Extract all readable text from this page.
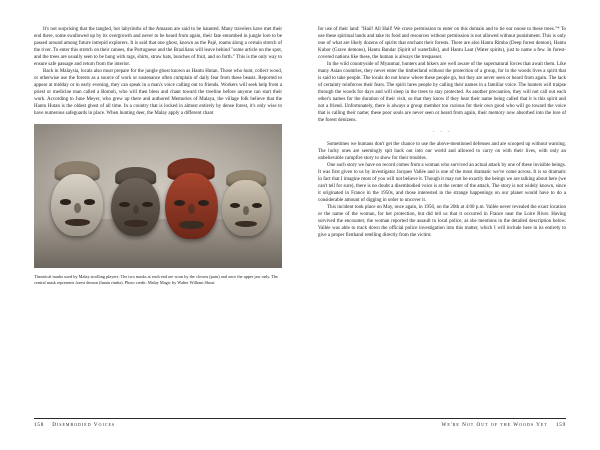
It's not surprising that the tangled, hot labyrinths of the Amazon are said to be haunted. Many travelers have met their end there, some swallowed up by its overgrowth and never to be heard from again, their fate entombed in jungle lore to be passed around among future intrepid explorers. It is said that one ghost, known as the Pajé, roams along a certain stretch of the river. To enter this stretch on their canoes, the Portuguese and the Brazilians will leave behind "some article on the spot, and the trees are usually seen to be hung with rags, shirts, straw hats, bunches of fruit, and so forth." This is the only way to ensure safe passage and return from the interior.

Back in Malaysia, locals also must prepare for the jungle ghost known as Hantu Hutan. Those who hunt, collect wood, or otherwise use the forests as a source of work or sustenance often complain of daily fear from these beasts. Reported to appear at midday or in early evening, they can speak in a man's voice calling out to friends. Workers will seek help from a priest or medicine man called a Bomoh, who will then bless and chant toward the treeline before anyone can start their work. According to June Meyer, who grew up there and authored Memories of Malaya, the village folk believe that the Hantu Hutan is the oldest ghost of all time. In a country that is locked in almost entirely by dense forest, it's only wise to have numerous safeguards in place. When hunting deer, the Malay apply a different chant

Theatrical masks used by Malay strolling players. The two masks at each end are worn by the clowns (pran) and once the upper jaw only. The central mask represents forest demon (hantu rimba). Photo credit: Malay Magic by Walter William Skeat.

for use of their land: "Hail! All Hail! We crave permission to enter on this domain and to tie our noose to these trees."* To use these spiritual lands and take its food and resources without permission is not allowed without punishment. This is only one of what are likely dozens of spirits that enchant their forests. There are also Hantu Rimba (Deep forest demon), Hantu Kubor (Grave demons), Hantu Bandar (Spirit of waterfalls), and Hantu Laut (Water spirits), just to name a few. In forest-covered nations like these, the human is always the trespasser.

In the wild countryside of Myanmar, hunters and hikers are well aware of the supernatural forces that await them. Like many Asian countries, they never enter the timberland without the protection of a group, for in the woods lives a spirit that is said to take people. The locals do not know where these people go, but they are never seen or heard from again. The lack of certainty reinforces their fears. The spirit lures people by calling their names in a familiar voice. The hunters will traipse through the woods for days and will sleep in the trees to stay protected. As another precaution, they will not call out each other's names for the duration of their visit, so that they know if they hear their name being called that it is this spirit and not a friend. Unfortunately, there is always a group member too curious for their own good who will go toward the voice that is calling their name; these poor souls are never seen or heard from again, their memory now absorbed into the lore of the forest denizens.

· · ·

Sometimes we humans don't get the chance to use the above-mentioned defenses and are scooped up without warning. The lucky ones are seemingly spit back out into our world and allowed to carry on with their lives, with only an unbelievable campfire story to show for their troubles.

One such story we have on record comes from a woman who survived an actual attack by one of these invisible beings. It was first given to us by investigator Jacques Vallée and is one of the most dramatic we've come across. It is so dramatic in fact that I imagine most of you will not believe it. Though it may not be exactly the beings we are talking about here (we can't tell for sure), there is no doubt a disembodied voice is at the center of the attack. The story is not widely known, since it originated in France in the 1950s, and those interested in the strange happenings on our planet would have to do a considerable amount of digging in order to uncover it.

This incident took place on May, once again, in 1950, on the 20th at 4:00 p.m. Vallée never revealed the exact location or the name of the woman, for her protection, but did tell us that it occurred in France near the Loire River. Having survived the encounter, the woman reported the assault to local police, as she mentions in the detailed description below. Vallée was able to track down the official police investigation into this matter, which I will include here in its entirety to give a proper firsthand retelling directly from the victim:

158 Disembodied Voices	We're Not Out of the Woods Yet 159
